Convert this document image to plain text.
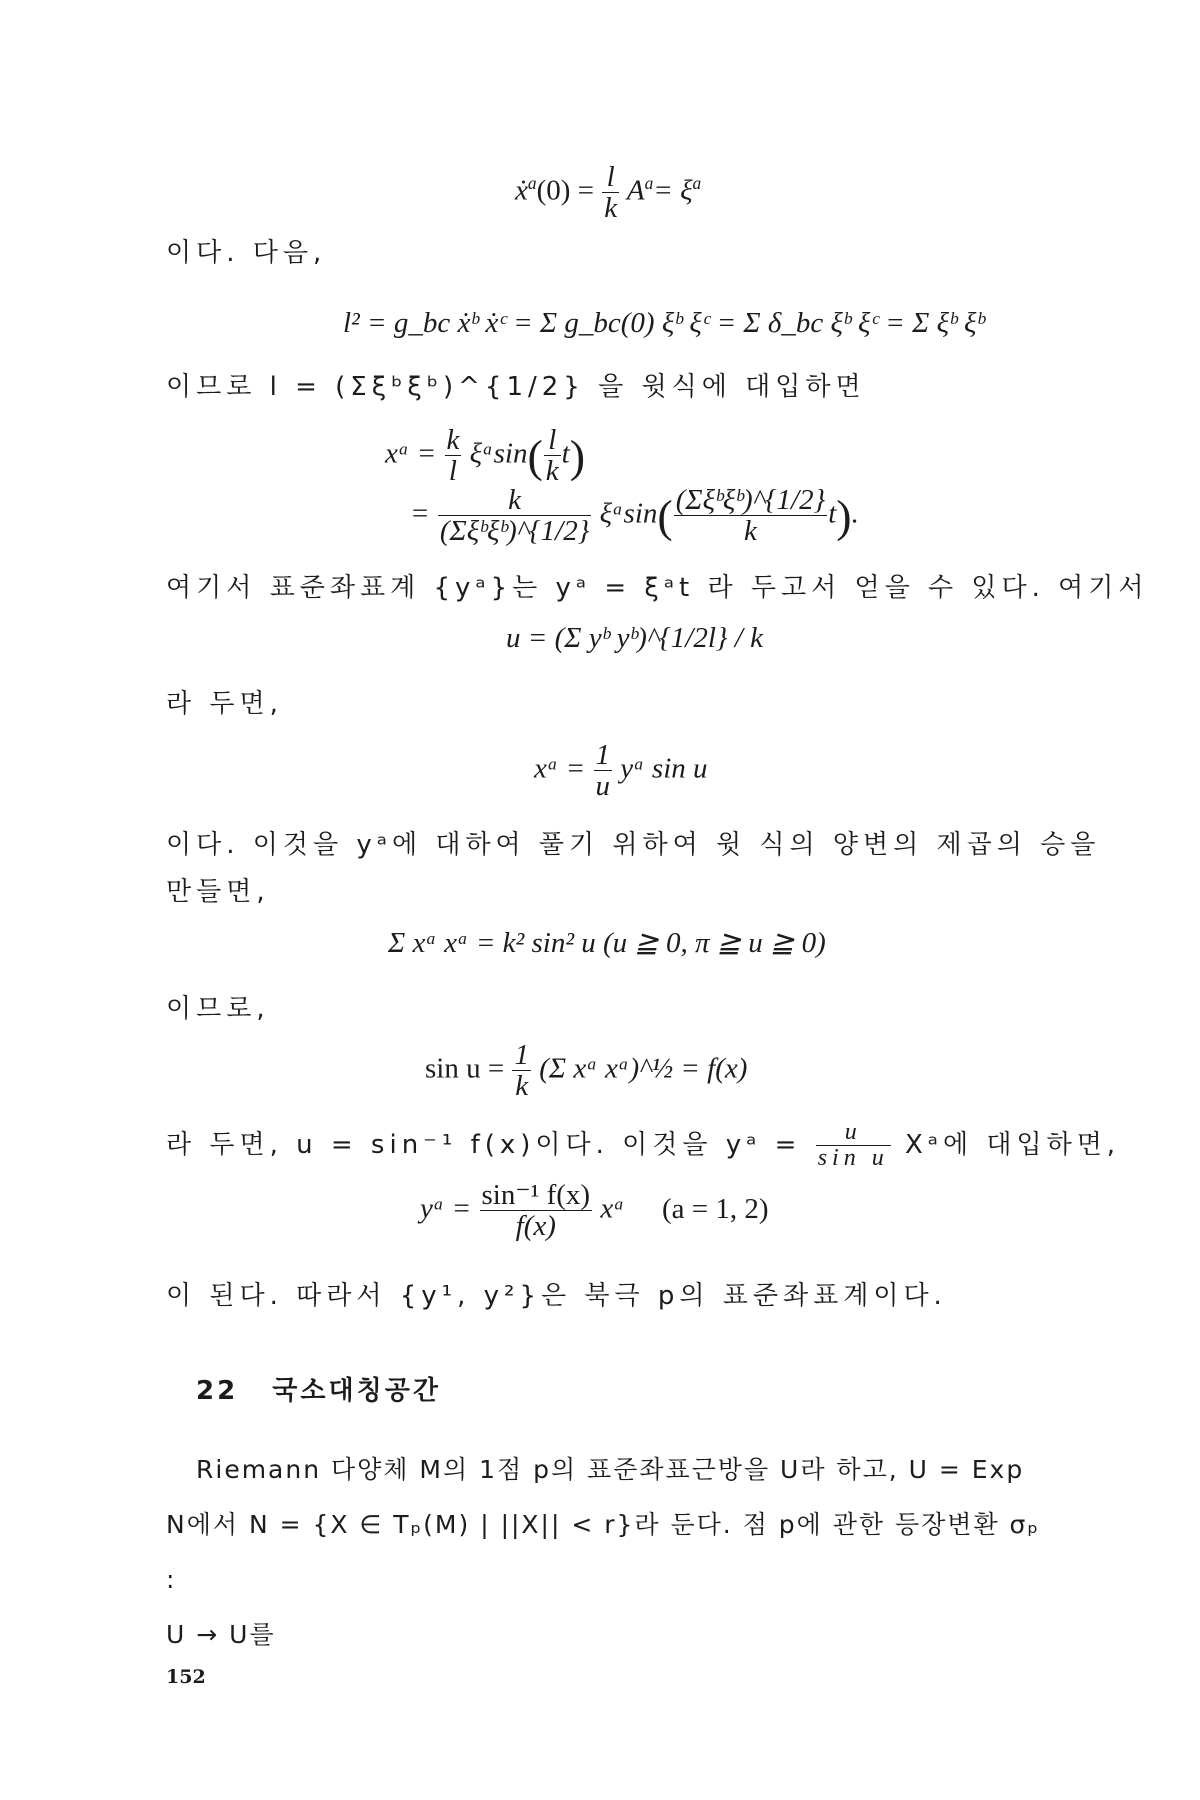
ẋ$^a$(0) = $\frac{l}{k} A^a= \xi^a$
이다. 다음,
l² = g_bc ẋᵇ ẋᶜ = Σ g_bc(0) ξᵇ ξᶜ = Σ δ_bc ξᵇ ξᶜ = Σ ξᵇ ξᵇ
이므로 l = (Σξᵇξᵇ)^{1/2} 을 윗식에 대입하면
xᵃ = $\frac{k}{l}$ ξᵃsin( $\frac{l}{k} t$)
=	k
(Σξᵇξᵇ)^{1/2}
ξᵃsin( (Σξᵇξᵇ)^{1/2}
k
t).
여기서 표준좌표계 {yᵃ}는 yᵃ = ξᵃt 라 두고서 얻을 수 있다. 여기서
u = (Σ yᵇ yᵇ)^{1/2l} / k
라 두면,
xᵃ = $\frac{1}{u}$ yᵃ sin u
이다. 이것을 yᵃ에 대하여 풀기 위하여 윗 식의 양변의 제곱의 승을
만들면,
Σ xᵃ xᵃ = k² sin² u (u ≧ 0, π ≧ u ≧ 0)
이므로,
$\sin u = \frac{1}{k} (\Sigma$ xᵃ xᵃ)^½ = f(x)
라 두면, u = sin⁻¹ f(x)이다. 이것을 yᵃ = $\frac{u}{\text{sin u}}$ Xᵃ에 대입하면,
yᵃ = $\frac{\text{sin⁻¹ f(x)}}{f(x)}$ xᵃ (a = 1, 2)
이 된다. 따라서 {y¹, y²}은 북극 p의 표준좌표계이다.
22 국소대칭공간
Riemann 다양체 M의 1점 p의 표준좌표근방을 U라 하고, U = Exp
N에서 N = {X ∈ Tₚ(M) | ||X|| < r}라 둔다. 점 p에 관한 등장변환 σₚ :
U → U를
152
